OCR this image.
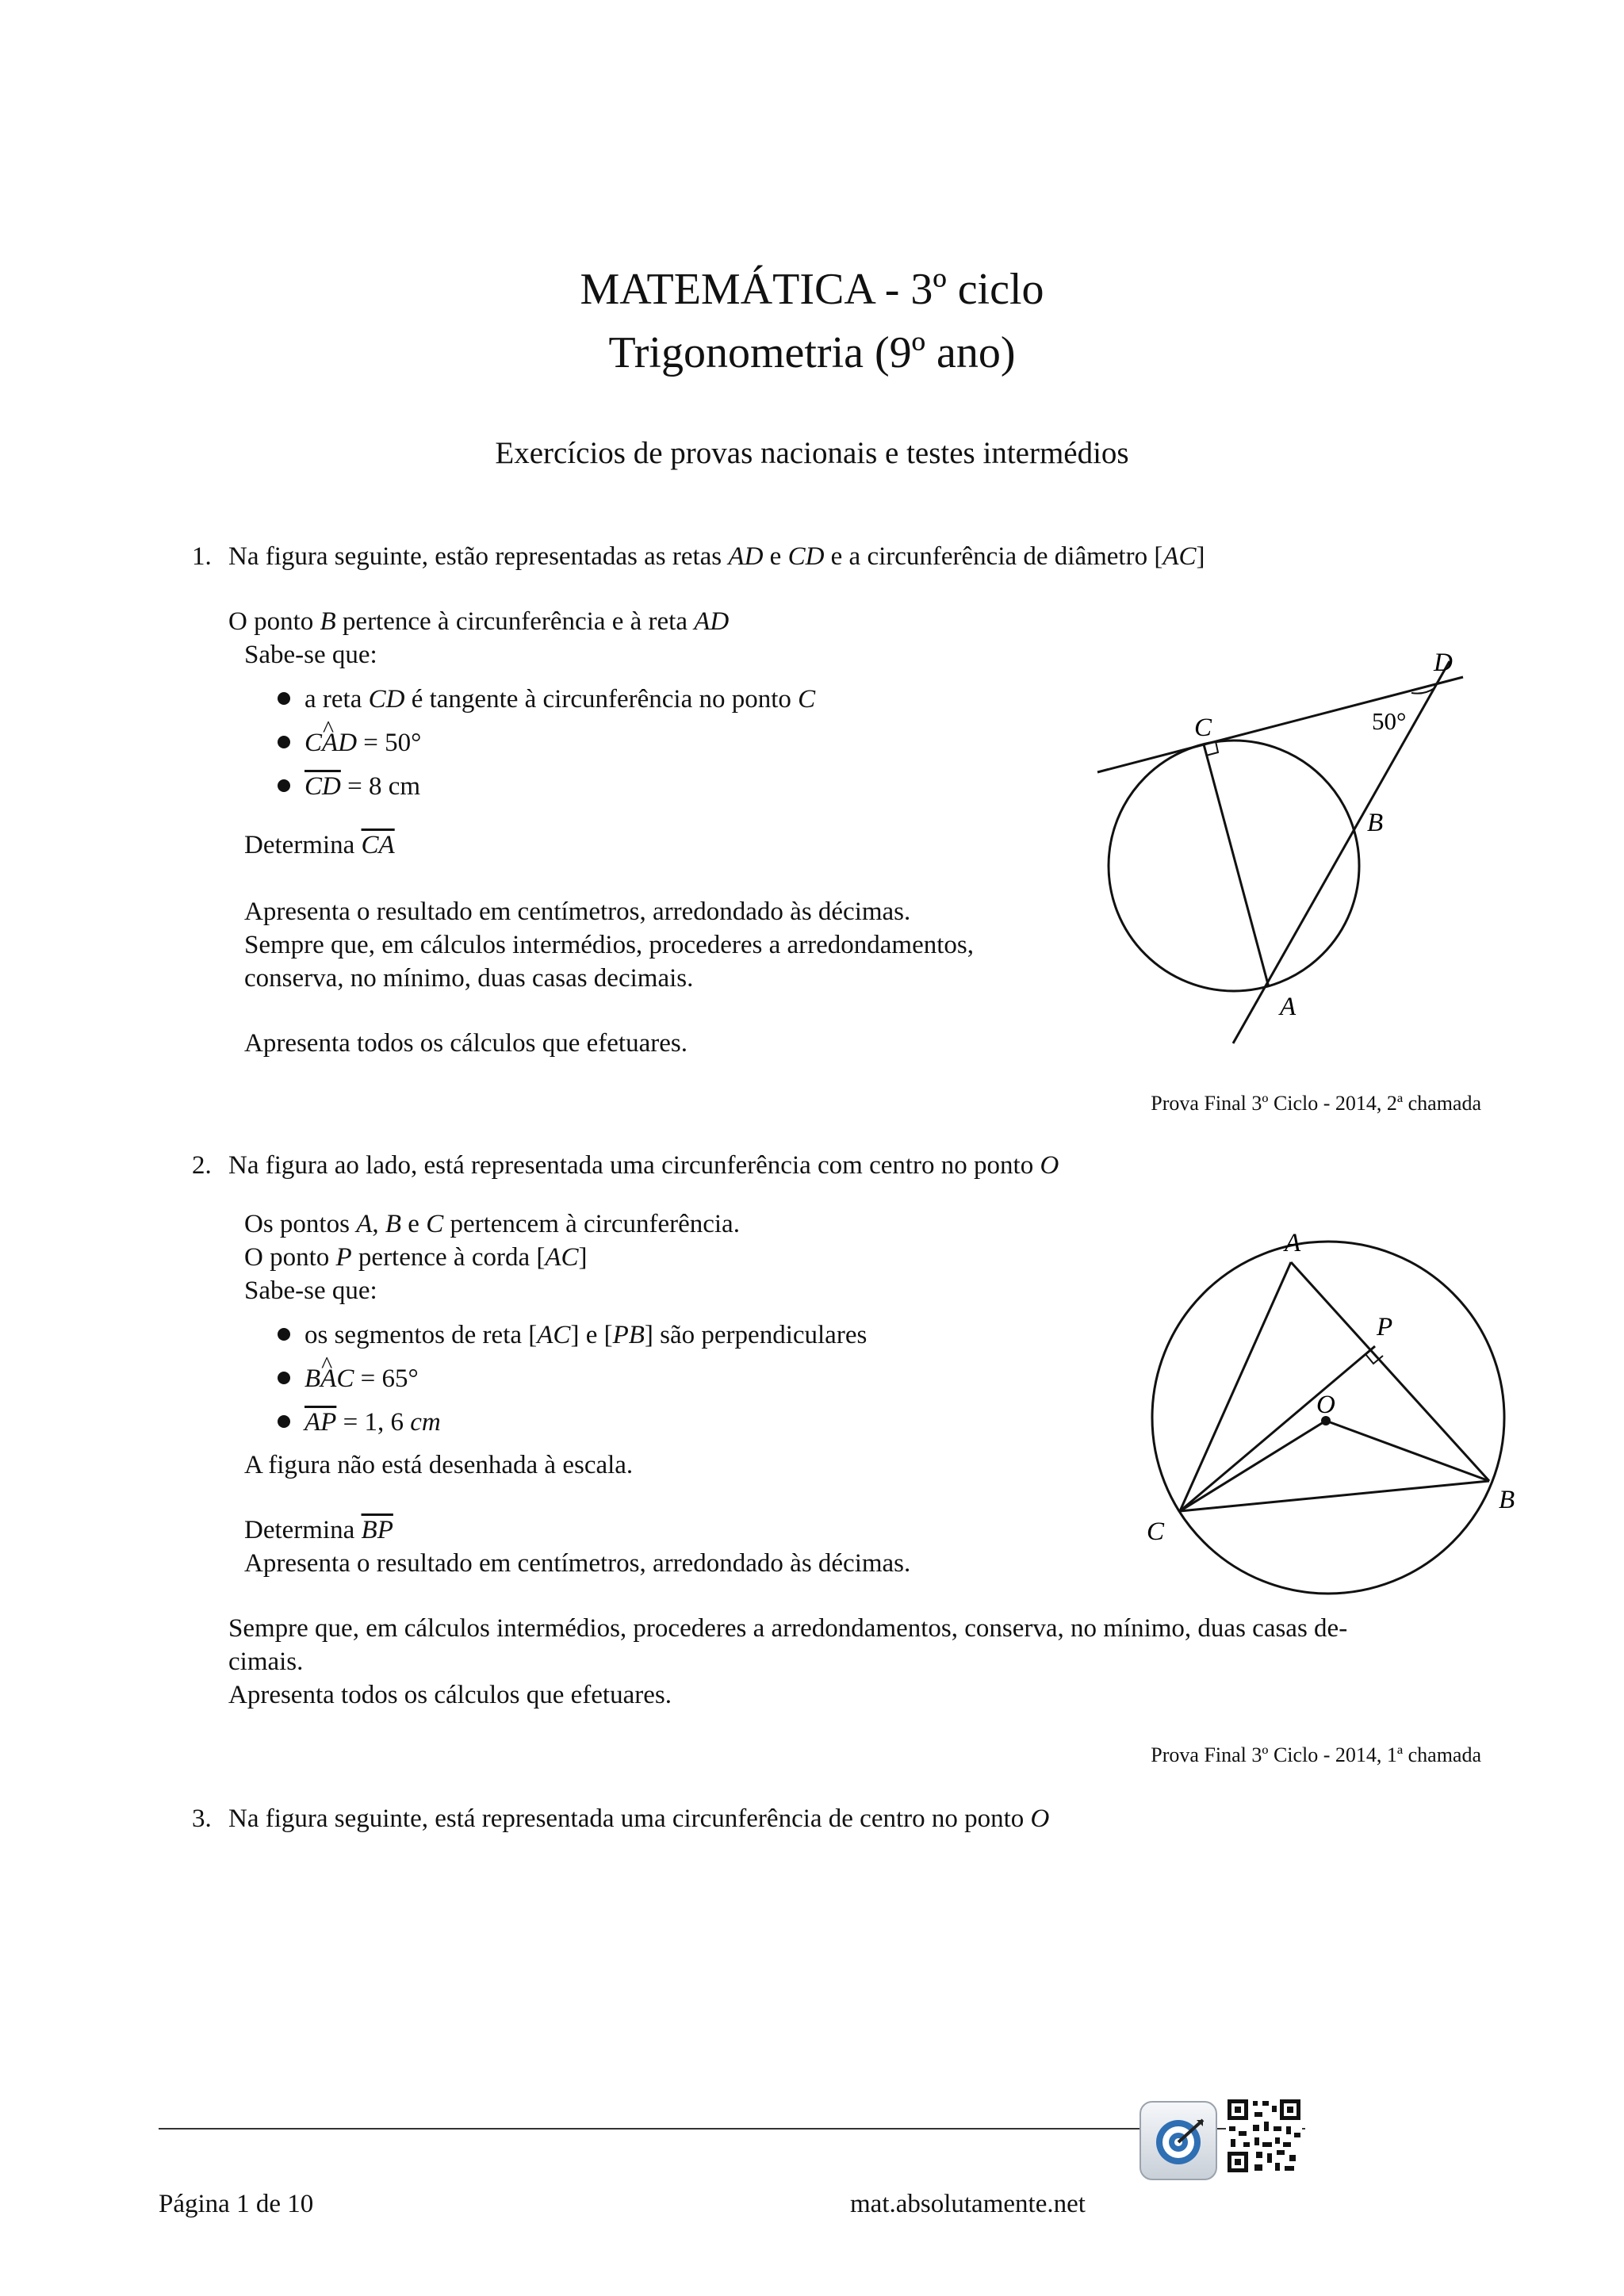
MATEMÁTICA - 3º ciclo
Trigonometria (9º ano)
Exercícios de provas nacionais e testes intermédios
1. Na figura seguinte, estão representadas as retas AD e CD e a circunferência de diâmetro [AC]
O ponto B pertence à circunferência e à reta AD
Sabe-se que:
a reta CD é tangente à circunferência no ponto C
C^ AD = 50°
$\overline{CD} = 8$ cm
Determina $\overline{CA}$
Apresenta o resultado em centímetros, arredondado às décimas.
Sempre que, em cálculos intermédios, procederes a arredondamentos,
conserva, no mínimo, duas casas decimais.
Apresenta todos os cálculos que efetuares.
Prova Final 3º Ciclo - 2014, 2ª chamada
C
D
50°
B
A
2. Na figura ao lado, está representada uma circunferência com centro no ponto O
Os pontos A, B e C pertencem à circunferência.
O ponto P pertence à corda [AC]
Sabe-se que:
os segmentos de reta [AC] e [PB] são perpendiculares
B^ AC = 65°
$\overline{AP} = 1$, 6 cm
A figura não está desenhada à escala.
Determina $\overline{BP}$
Apresenta o resultado em centímetros, arredondado às décimas.
Sempre que, em cálculos intermédios, procederes a arredondamentos, conserva, no mínimo, duas casas de-
cimais.
Apresenta todos os cálculos que efetuares.
Prova Final 3º Ciclo - 2014, 1ª chamada
A
P
O
B
C
3. Na figura seguinte, está representada uma circunferência de centro no ponto O
Página 1 de 10	mat.absolutamente.net
